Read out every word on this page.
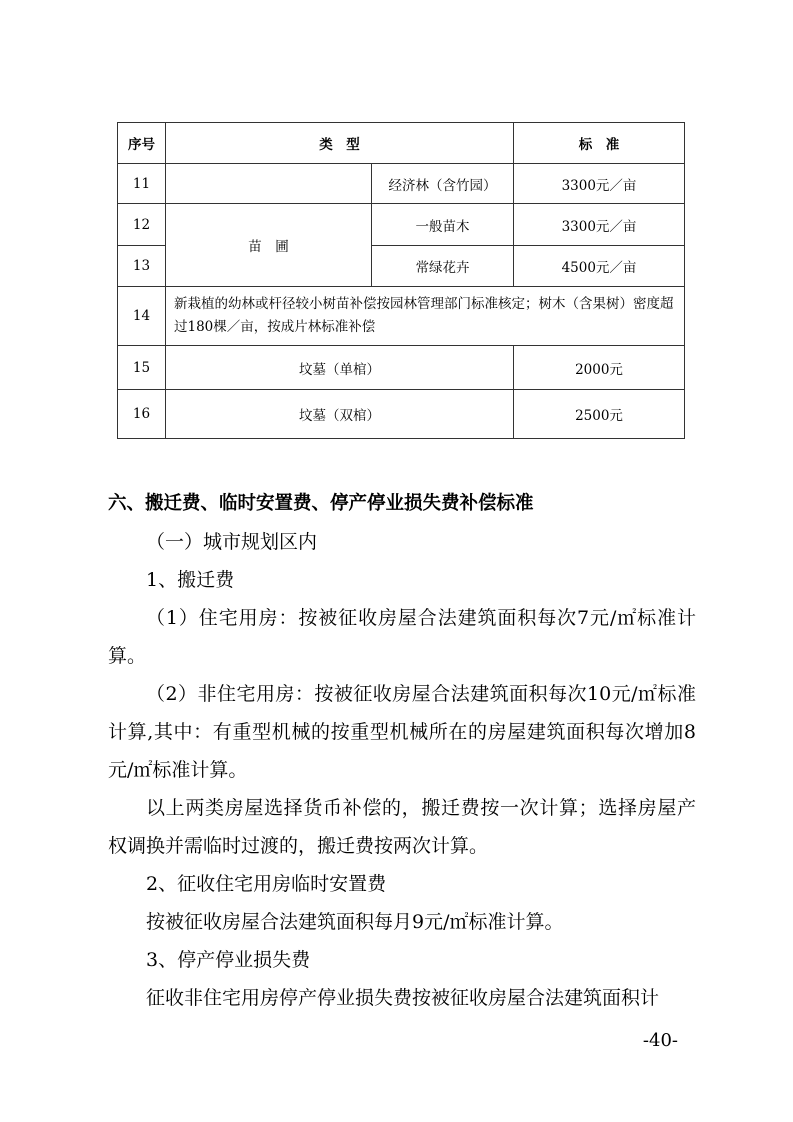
序号	类　型		标　准
11		经济林（含竹园）	3300元／亩
12	苗　圃	一般苗木	3300元／亩
13		常绿花卉	4500元／亩
14	新栽植的幼林或杆径较小树苗补偿按园林管理部门标准核定；树木（含果树）密度超过180棵／亩，按成片林标准补偿		
15	坟墓（单棺）		2000元
16	坟墓（双棺）		2500元

六、搬迁费、临时安置费、停产停业损失费补偿标准

（一）城市规划区内

1、搬迁费

（1）住宅用房：按被征收房屋合法建筑面积每次7元/㎡标准计算。

（2）非住宅用房：按被征收房屋合法建筑面积每次10元/㎡标准计算,其中：有重型机械的按重型机械所在的房屋建筑面积每次增加8元/㎡标准计算。

以上两类房屋选择货币补偿的，搬迁费按一次计算；选择房屋产权调换并需临时过渡的，搬迁费按两次计算。

2、征收住宅用房临时安置费

按被征收房屋合法建筑面积每月9元/㎡标准计算。

3、停产停业损失费

征收非住宅用房停产停业损失费按被征收房屋合法建筑面积计

-40-
